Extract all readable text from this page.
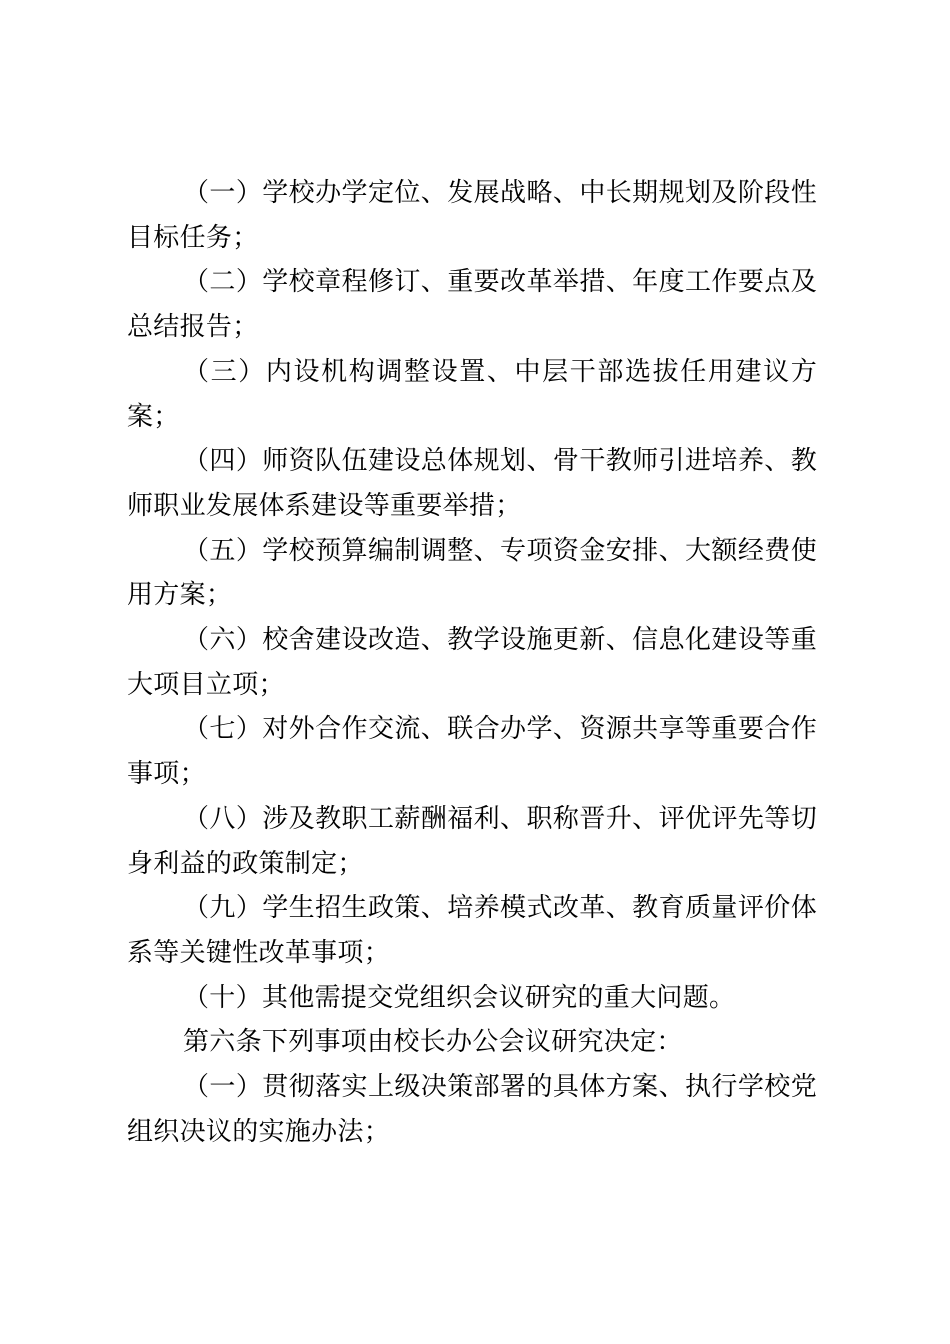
（一）学校办学定位、发展战略、中长期规划及阶段性目标任务；

（二）学校章程修订、重要改革举措、年度工作要点及总结报告；

（三）内设机构调整设置、中层干部选拔任用建议方案；

（四）师资队伍建设总体规划、骨干教师引进培养、教师职业发展体系建设等重要举措；

（五）学校预算编制调整、专项资金安排、大额经费使用方案；

（六）校舍建设改造、教学设施更新、信息化建设等重大项目立项；

（七）对外合作交流、联合办学、资源共享等重要合作事项；

（八）涉及教职工薪酬福利、职称晋升、评优评先等切身利益的政策制定；

（九）学生招生政策、培养模式改革、教育质量评价体系等关键性改革事项；

（十）其他需提交党组织会议研究的重大问题。

第六条下列事项由校长办公会议研究决定：

（一）贯彻落实上级决策部署的具体方案、执行学校党组织决议的实施办法；
